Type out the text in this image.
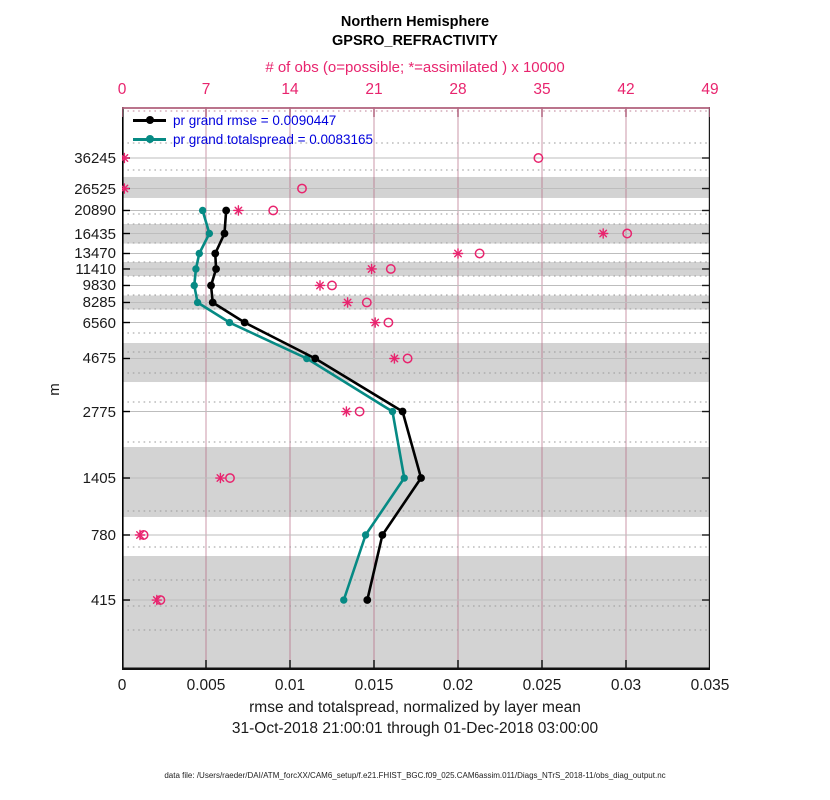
Northern Hemisphere
GPSRO_REFRACTIVITY
# of obs (o=possible; *=assimilated ) x 10000
0	7	14	21	28	35	42	49
pr grand rmse = 0.0090447
pr grand totalspread = 0.0083165
36245
26525
20890
16435
13470
11410
9830
8285
6560
4675
2775
1405
780
415
m
0	0.005	0.01	0.015	0.02	0.025	0.03	0.035
rmse and totalspread, normalized by layer mean
31-Oct-2018 21:00:01 through 01-Dec-2018 03:00:00
data file: /Users/raeder/DAI/ATM_forcXX/CAM6_setup/f.e21.FHIST_BGC.f09_025.CAM6assim.011/Diags_NTrS_2018-11/obs_diag_output.nc
